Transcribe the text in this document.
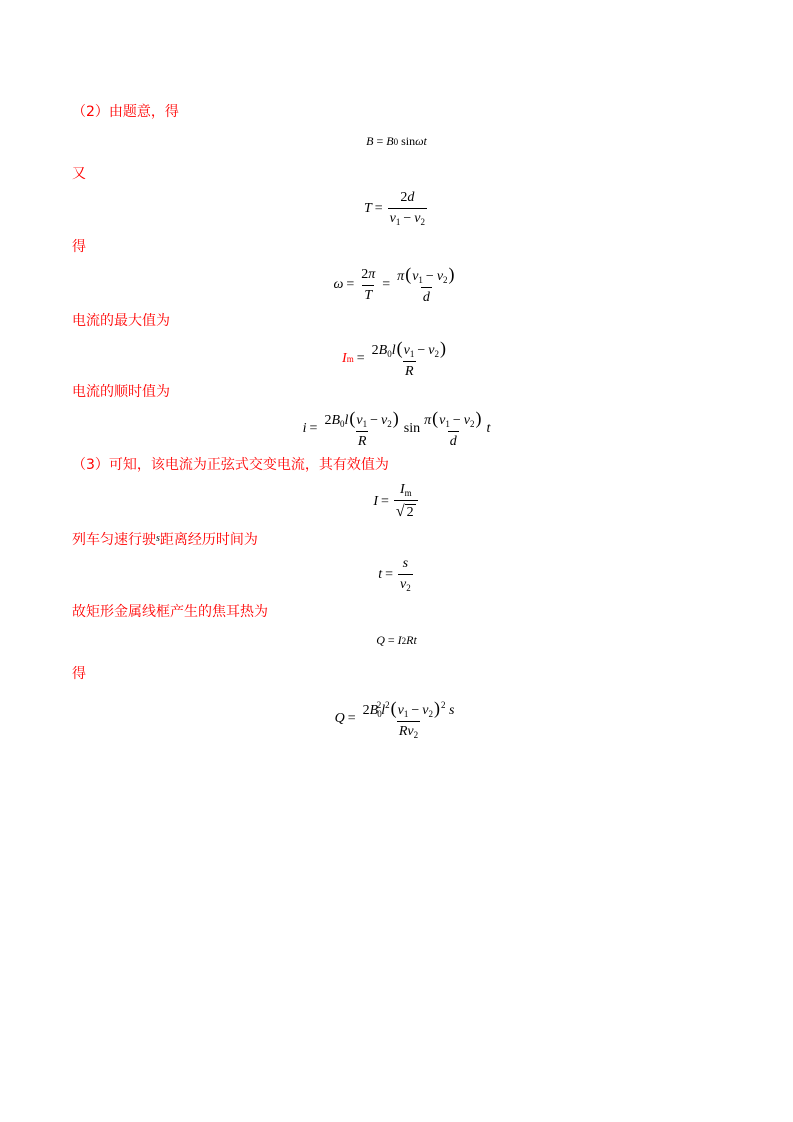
（2）由题意，得
B = B 0 sin ωt
又
$T = \frac{2d}{v_1 - v_2}$
得
$\omega = \frac{2\pi}{T} = \frac{\pi(v_1 - v_2)}{d}$
电流的最大值为
I $m = \frac{2B_0l(v_1 - v_2)}{R}$
电流的顺时值为
$i = \frac{2B_0l(v_1 - v_2)}{R}$ $\sin \frac{\pi(v_1 - v_2)}{d}$ t
（3）可知，该电流为正弦式交变电流，其有效值为
$I = \frac{I_m}{√ 2}$
列车匀速行驶$^s$距离经历时间为
$t = \frac{s}{v_2}$
故矩形金属线框产生的焦耳热为
Q = I 2 Rt
得
$Q = \frac{2B_0^2l^2(v_1 - v_2)^2 s}{Rv_2}$
